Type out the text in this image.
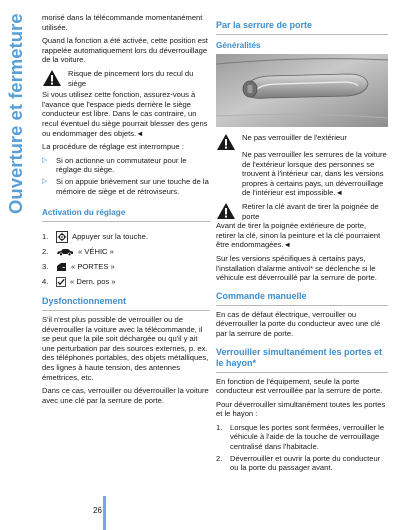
Ouverture et fermeture morisé dans la télécommande momentanément utilisée.
Quand la fonction a été activée, cette position est rappelée automatiquement lors du déverrouillage de la voiture.
Risque de pincement lors du recul du siège
Si vous utilisez cette fonction, assurez-vous à l'avance que l'espace pieds derrière le siège conducteur est libre. Dans le cas contraire, un recul éventuel du siège pourrait blesser des gens ou endommager des objets.◄
La procédure de réglage est interrompue :
▷	Si on actionne un commutateur pour le réglage du siège.
▷	Si on appuie brièvement sur une touche de la mémoire de siège et de rétroviseurs.
Activation du réglage
1.	Appuyer sur la touche.
2.	« VÉHIC »
3.	« PORTES »
4.	« Dern. pos »
Dysfonctionnement
S'il n'est plus possible de verrouiller ou de déverrouiller la voiture avec la télécommande, il se peut que la pile soit déchargée ou qu'il y ait une perturbation par des sources externes, p. ex. des téléphones portables, des objets métalliques, des lignes à haute tension, des antennes émettrices, etc.
Dans ce cas, verrouiller ou déverrouiller la voiture avec une clé par la serrure de porte.
Par la serrure de porte
Généralités
Ne pas verrouiller de l'extérieur
Ne pas verrouiller les serrures de la voiture de l'extérieur lorsque des personnes se trouvent à l'intérieur car, dans les versions propres à certains pays, un déverrouillage de l'intérieur est impossible.◄
Retirer la clé avant de tirer la poignée de porte
Avant de tirer la poignée extérieure de porte, retirer la clé, sinon la peinture et la clé pourraient être endommagées.◄
Sur les versions spécifiques à certains pays, l'installation d'alarme antivol* se déclenche si le véhicule est déverrouillé par la serrure de porte.
Commande manuelle
En cas de défaut électrique, verrouiller ou déverrouiller la porte du conducteur avec une clé par la serrure de porte.
Verrouiller simultanément les portes et le hayon*
En fonction de l'équipement, seule la porte conducteur est verrouillée par la serrure de porte.
Pour déverrouiller simultanément toutes les portes et le hayon :
1.	Lorsque les portes sont fermées, verrouiller le véhicule à l'aide de la touche de verrouillage centralisé dans l'habitacle.
2.	Déverrouiller et ouvrir la porte du conducteur ou la porte du passager avant.
26
